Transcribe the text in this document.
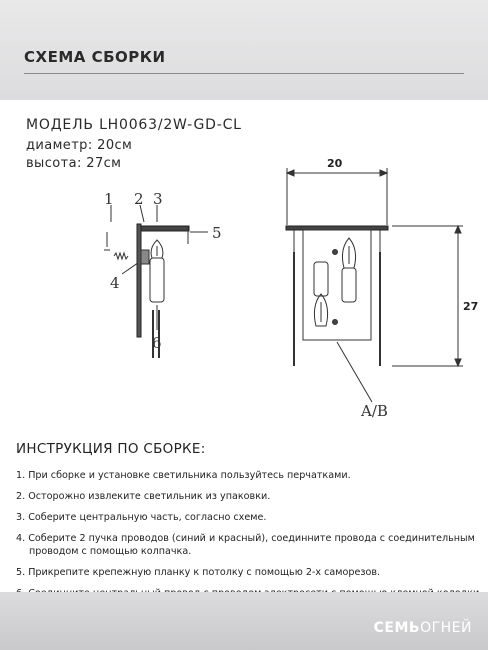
СХЕМА СБОРКИ
МОДЕЛЬ LH0063/2W-GD-CL
диаметр: 20см
высота: 27см
1 2 3
4
5
6
20
27
A/B
ИНСТРУКЦИЯ ПО СБОРКЕ:
1. При сборке и установке светильника пользуйтесь перчатками.
2. Осторожно извлеките светильник из упаковки.
3. Соберите центральную часть, согласно схеме.
4. Соберите 2 пучка проводов (синий и красный), соединните провода с соединительным
проводом с помощью колпачка.
5. Прикрепите крепежную планку к потолку с помощью 2-х саморезов.
СЕМЬОГНЕЙ
